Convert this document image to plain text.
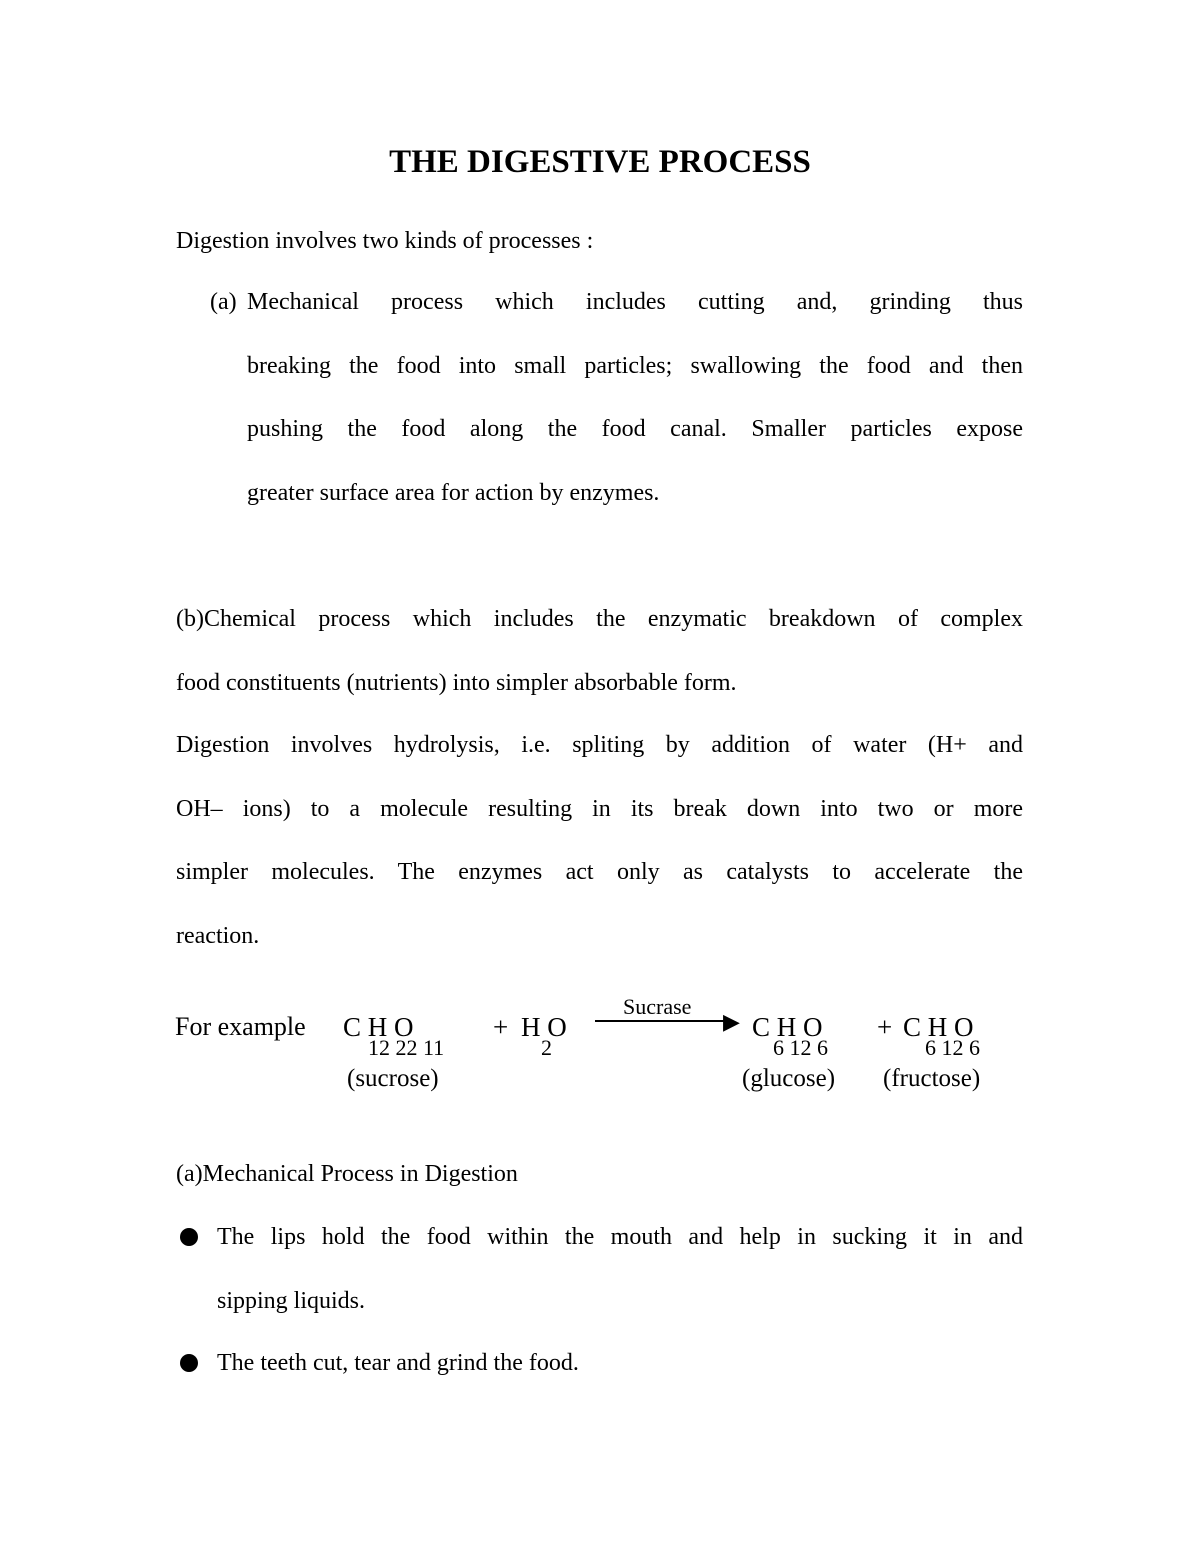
THE DIGESTIVE PROCESS
Digestion involves two kinds of processes :
(a) Mechanical process which includes cutting and, grinding thus
breaking the food into small particles; swallowing the food and then
pushing the food along the food canal. Smaller particles expose
greater surface area for action by enzymes.
(b)Chemical process which includes the enzymatic breakdown of complex
food constituents (nutrients) into simpler absorbable form.
Digestion involves hydrolysis, i.e. spliting by addition of water (H+ and
OH– ions) to a molecule resulting in its break down into two or more
simpler molecules. The enzymes act only as catalysts to accelerate the
reaction.
For example C H O
12 22 11
+ H O
2
Sucrase
▶ C H O
6 12 6
+ C H O
6 12 6
(sucrose)	(glucose) (fructose)
(a)Mechanical Process in Digestion
The lips hold the food within the mouth and help in sucking it in and
sipping liquids.
The teeth cut, tear and grind the food.
